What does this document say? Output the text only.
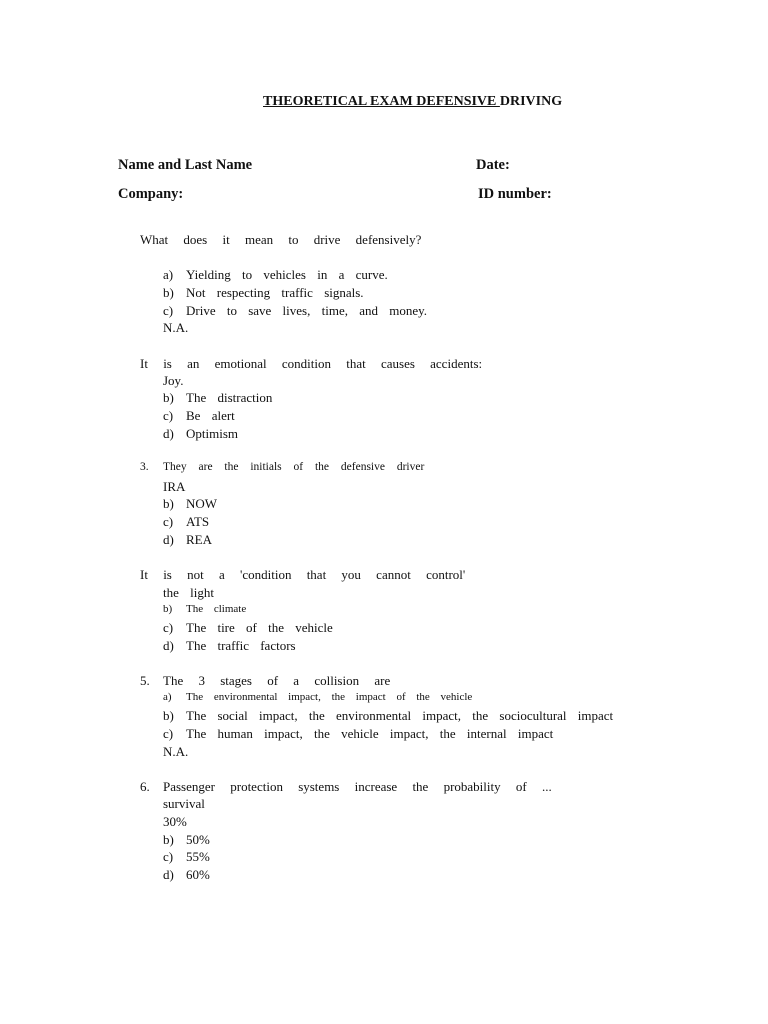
THEORETICAL EXAM DEFENSIVE DRIVING
Name and Last Name	Date:
Company:	ID number:
What does it mean to drive defensively?
a) Yielding to vehicles in a curve.
b) Not respecting traffic signals.
c) Drive to save lives, time, and money.
N.A.
It is an emotional condition that causes accidents:
Joy.
b) The distraction
c) Be alert
d) Optimism
3. They are the initials of the defensive driver
IRA
b) NOW
c) ATS
d) REA
It is not a 'condition that you cannot control'
the light
b) The climate
c) The tire of the vehicle
d) The traffic factors
5. The 3 stages of a collision are
a) The environmental impact, the impact of the vehicle
b) The social impact, the environmental impact, the sociocultural impact
c) The human impact, the vehicle impact, the internal impact
N.A.
6. Passenger protection systems increase the probability of ...
survival
30%
b) 50%
c) 55%
d) 60%
